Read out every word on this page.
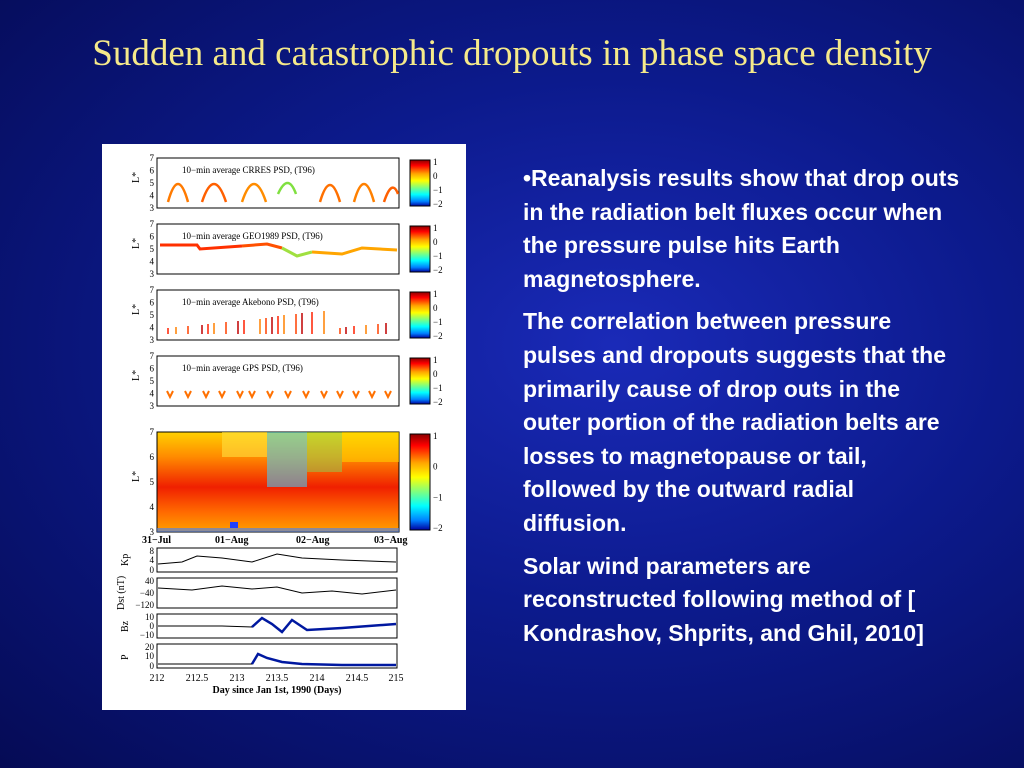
Sudden and catastrophic dropouts in phase space density
10−min average CRRES PSD, (T96)
10−min average GEO1989 PSD, (T96)
10−min average Akebono PSD, (T96)
10−min average GPS PSD, (T96)
1
0
−1
−2
1
0
−1
−2
1
0
−1
−2
1
0
−1
−2
1
0
−1
−2
7
6
5
4
3
L*
7
6
5
4
3
L*
7
6
5
4
3
L*
7
6
5
4
3
L*
7
6
5
4
3
L*
31−Jul	01−Aug	02−Aug	03−Aug
Kp
8
4
0
Dst (nT) 40
−40
−120
Bz
10
0
−10
P
20
10
0
212 212.5 213 213.5 214 214.5 215
Day since Jan 1st, 1990 (Days)

•Reanalysis results show that drop outs in the radiation belt fluxes occur when the pressure pulse hits Earth magnetosphere.

The correlation between pressure pulses and dropouts suggests that the primarily cause of drop outs in the outer portion of the radiation belts are losses to magnetopause or tail, followed by the outward radial diffusion.

Solar wind parameters are reconstructed following method of [ Kondrashov, Shprits, and Ghil, 2010]
